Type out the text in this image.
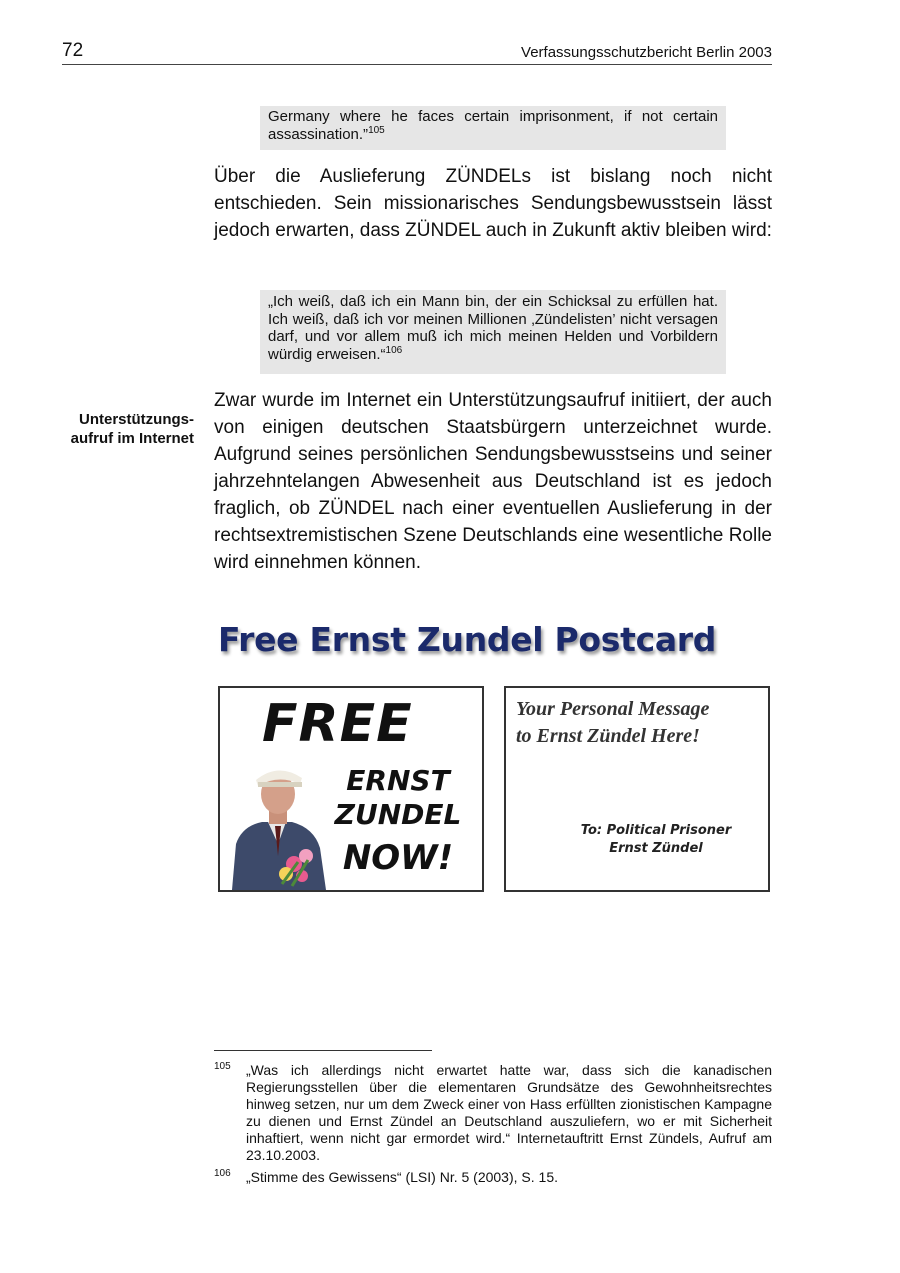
72	Verfassungsschutzbericht Berlin 2003
Germany where he faces certain imprisonment, if not certain assassination.”$^{105}$

Über die Auslieferung ZÜNDELs ist bislang noch nicht entschieden. Sein missionarisches Sendungsbewusstsein lässt jedoch erwarten, dass ZÜNDEL auch in Zukunft aktiv bleiben wird:

„Ich weiß, daß ich ein Mann bin, der ein Schicksal zu erfüllen hat. Ich weiß, daß ich vor meinen Millionen ‚Zündelisten’ nicht versagen darf, und vor allem muß ich mich meinen Helden und Vorbildern würdig erweisen.“$^{106}$
Unterstützungs-
aufruf im Internet

Zwar wurde im Internet ein Unterstützungsaufruf initiiert, der auch von einigen deutschen Staatsbürgern unterzeichnet wurde. Aufgrund seines persönlichen Sendungsbewusstseins und seiner jahrzehntelangen Abwesenheit aus Deutschland ist es jedoch fraglich, ob ZÜNDEL nach einer eventuellen Auslieferung in der rechtsextremistischen Szene Deutschlands eine wesentliche Rolle wird einnehmen können.

Free Ernst Zundel Postcard
FREE
ERNST
ZUNDEL
NOW!
Your Personal Message
to Ernst Zündel Here!
To: Political Prisoner
Ernst Zündel
105 „Was ich allerdings nicht erwartet hatte war, dass sich die kanadischen Regierungsstellen über die elementaren Grundsätze des Gewohnheitsrechtes hinweg setzen, nur um dem Zweck einer von Hass erfüllten zionistischen Kampagne zu dienen und Ernst Zündel an Deutschland auszuliefern, wo er mit Sicherheit inhaftiert, wenn nicht gar ermordet wird.“ Internetauftritt Ernst Zündels, Aufruf am 23.10.2003.
106 „Stimme des Gewissens“ (LSI) Nr. 5 (2003), S. 15.
